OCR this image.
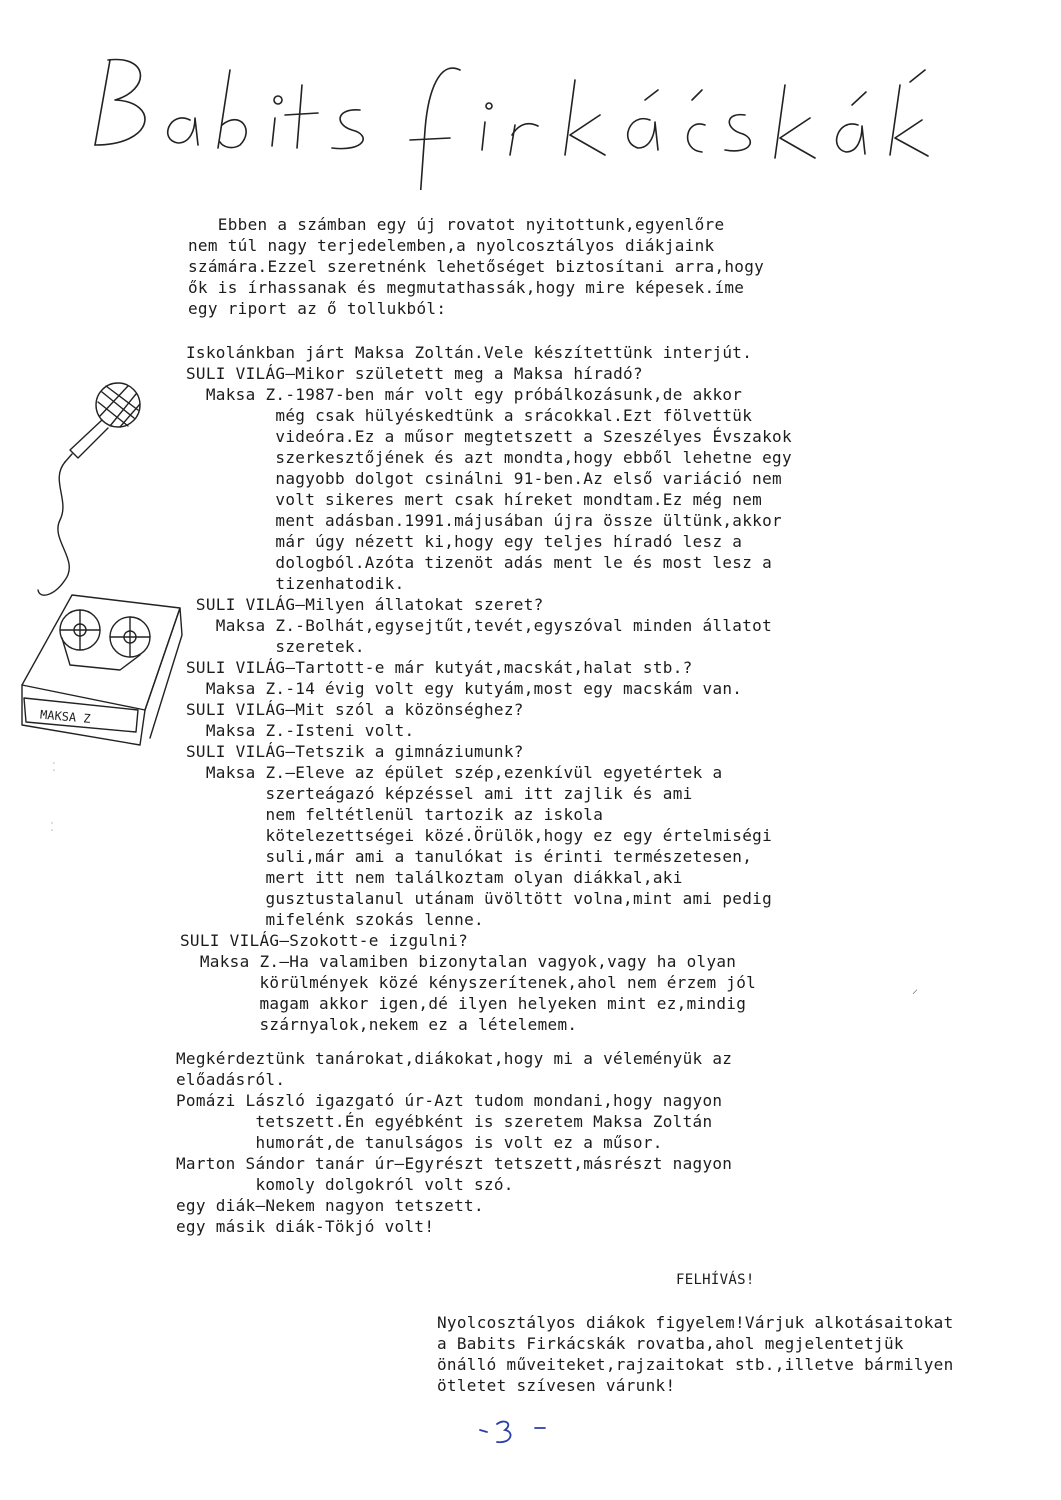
Ebben a számban egy új rovatot nyitottunk,egyenlőre
nem túl nagy terjedelemben,a nyolcosztályos diákjaink
számára.Ezzel szeretnénk lehetőséget biztosítani arra,hogy
ők is írhassanak és megmutathassák,hogy mire képesek.íme
egy riport az ő tollukból:
Iskolánkban járt Maksa Zoltán.Vele készítettünk interjút.
SULI VILÁG–Mikor született meg a Maksa híradó?
Maksa Z.-1987-ben már volt egy próbálkozásunk,de akkor
még csak hülyéskedtünk a srácokkal.Ezt fölvettük
videóra.Ez a műsor megtetszett a Szeszélyes Évszakok
szerkesztőjének és azt mondta,hogy ebből lehetne egy
nagyobb dolgot csinálni 91-ben.Az első variáció nem
volt sikeres mert csak híreket mondtam.Ez még nem
ment adásban.1991.májusában újra össze ültünk,akkor
már úgy nézett ki,hogy egy teljes híradó lesz a
dologból.Azóta tizenöt adás ment le és most lesz a
tizenhatodik.
SULI VILÁG–Milyen állatokat szeret?
Maksa Z.-Bolhát,egysejtűt,tevét,egyszóval minden állatot
szeretek.
SULI VILÁG–Tartott-e már kutyát,macskát,halat stb.?
Maksa Z.-14 évig volt egy kutyám,most egy macskám van.
SULI VILÁG–Mit szól a közönséghez?
Maksa Z.-Isteni volt.
SULI VILÁG–Tetszik a gimnáziumunk?
Maksa Z.–Eleve az épület szép,ezenkívül egyetértek a
szerteágazó képzéssel ami itt zajlik és ami
nem feltétlenül tartozik az iskola
kötelezettségei közé.Örülök,hogy ez egy értelmiségi
suli,már ami a tanulókat is érinti természetesen,
mert itt nem találkoztam olyan diákkal,aki
gusztustalanul utánam üvöltött volna,mint ami pedig
mifelénk szokás lenne.
SULI VILÁG–Szokott-e izgulni?
Maksa Z.–Ha valamiben bizonytalan vagyok,vagy ha olyan
körülmények közé kényszerítenek,ahol nem érzem jól
magam akkor igen,dé ilyen helyeken mint ez,mindig
szárnyalok,nekem ez a lételemem.
Megkérdeztünk tanárokat,diákokat,hogy mi a véleményük az
előadásról.
Pomázi László igazgató úr-Azt tudom mondani,hogy nagyon
tetszett.Én egyébként is szeretem Maksa Zoltán
humorát,de tanulságos is volt ez a műsor.
Marton Sándor tanár úr–Egyrészt tetszett,másrészt nagyon
komoly dolgokról volt szó.
egy diák–Nekem nagyon tetszett.
egy másik diák-Tökjó volt!
FELHÍVÁS!
Nyolcosztályos diákok figyelem!Várjuk alkotásaitokat
a Babits Firkácskák rovatba,ahol megjelentetjük
önálló műveiteket,rajzaitokat stb.,illetve bármilyen
ötletet szívesen várunk!
MAKSA Z
⁚
⁚
⸝
